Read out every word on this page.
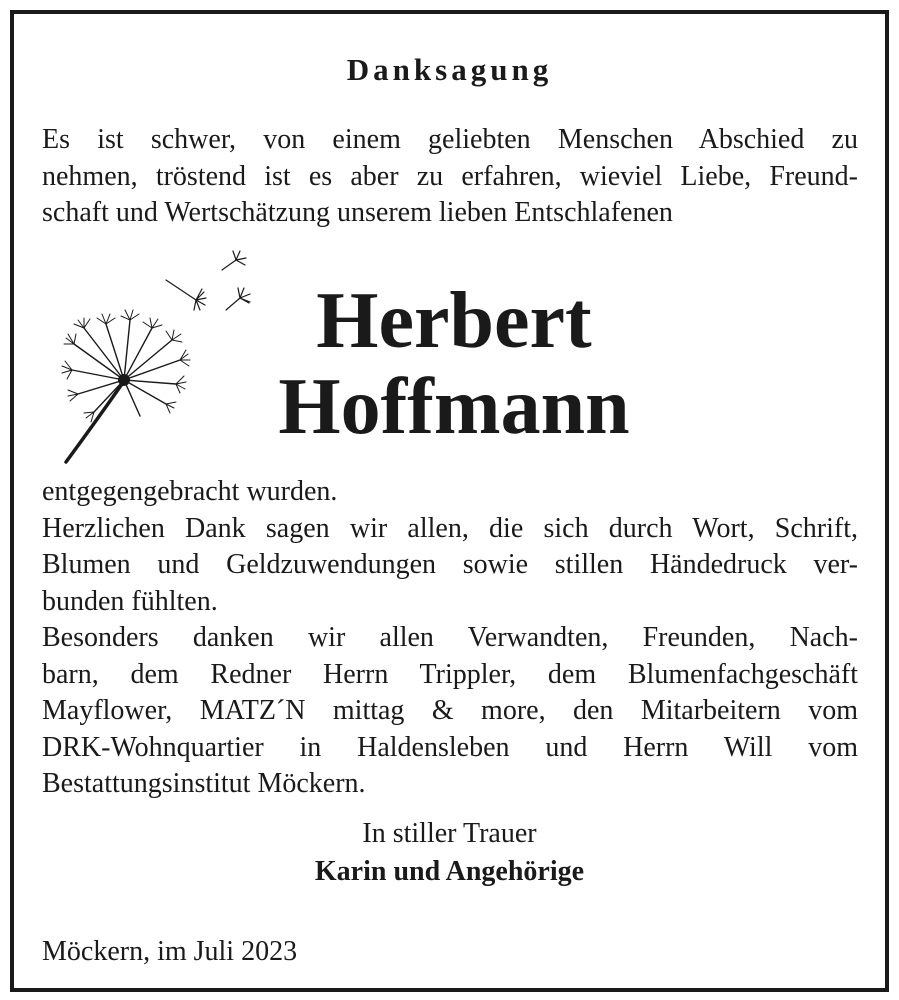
Danksagung
Es ist schwer, von einem geliebten Menschen Abschied zu
nehmen, tröstend ist es aber zu erfahren, wieviel Liebe, Freund-
schaft und Wertschätzung unserem lieben Entschlafenen
Herbert
Hoffmann
entgegengebracht wurden.
Herzlichen Dank sagen wir allen, die sich durch Wort, Schrift,
Blumen und Geldzuwendungen sowie stillen Händedruck ver-
bunden fühlten.
Besonders danken wir allen Verwandten, Freunden, Nach-
barn, dem Redner Herrn Trippler, dem Blumenfachgeschäft
Mayflower, MATZ´N mittag & more, den Mitarbeitern vom
DRK-Wohnquartier in Haldensleben und Herrn Will vom
Bestattungsinstitut Möckern.
In stiller Trauer
Karin und Angehörige
Möckern, im Juli 2023
